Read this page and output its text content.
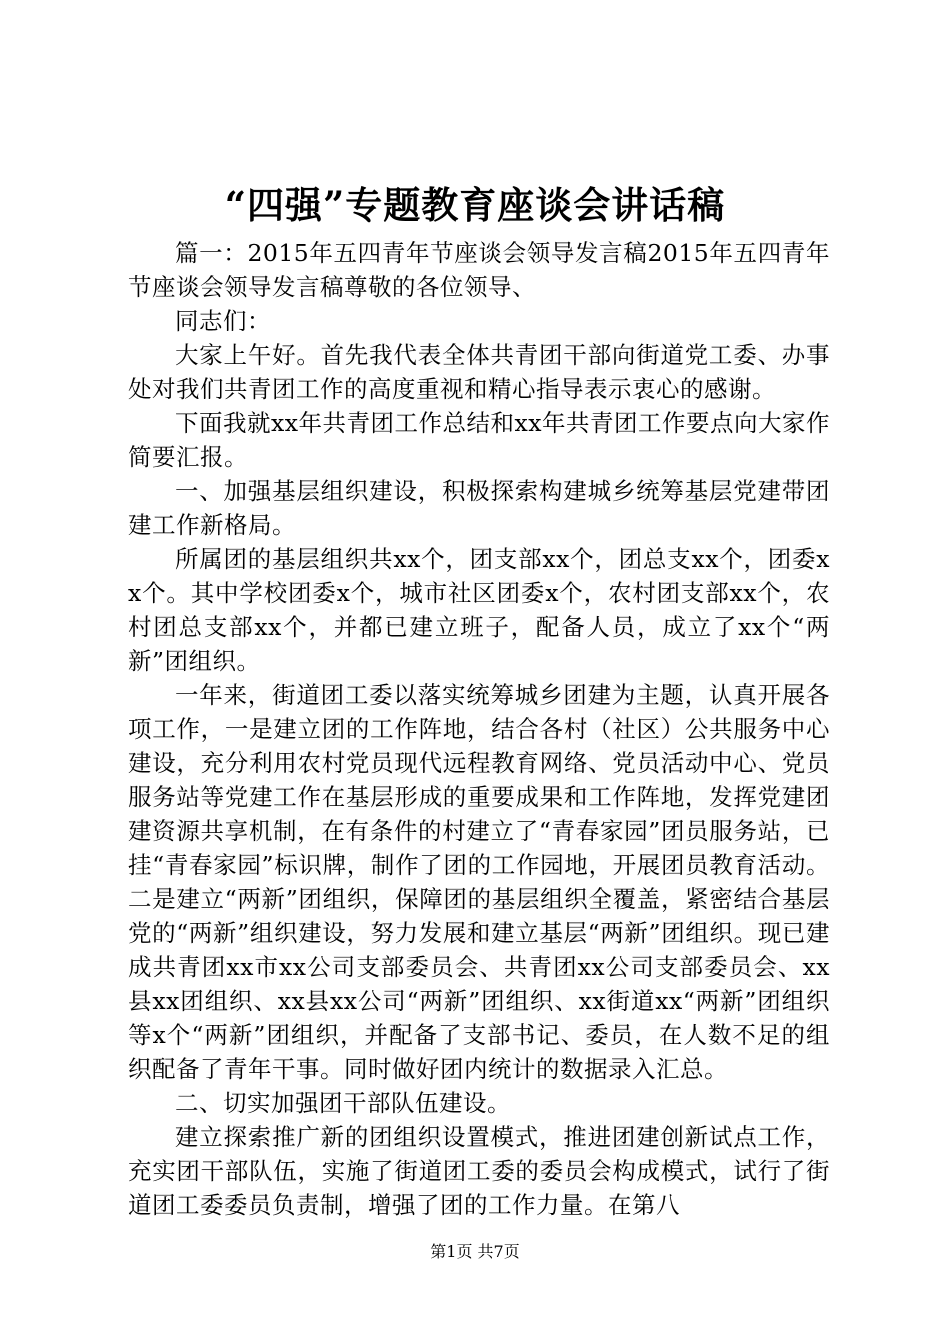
“四强”专题教育座谈会讲话稿

篇一：2015年五四青年节座谈会领导发言稿2015年五四青年节座谈会领导发言稿尊敬的各位领导、

同志们：

大家上午好。首先我代表全体共青团干部向街道党工委、办事处对我们共青团工作的高度重视和精心指导表示衷心的感谢。

下面我就xx年共青团工作总结和xx年共青团工作要点向大家作简要汇报。

一、加强基层组织建设，积极探索构建城乡统筹基层党建带团建工作新格局。

所属团的基层组织共xx个，团支部xx个，团总支xx个，团委xx个。其中学校团委x个，城市社区团委x个，农村团支部xx个，农村团总支部xx个，并都已建立班子，配备人员，成立了xx个“两新”团组织。

一年来，街道团工委以落实统筹城乡团建为主题，认真开展各项工作，一是建立团的工作阵地，结合各村（社区）公共服务中心建设，充分利用农村党员现代远程教育网络、党员活动中心、党员服务站等党建工作在基层形成的重要成果和工作阵地，发挥党建团建资源共享机制，在有条件的村建立了“青春家园”团员服务站，已挂“青春家园”标识牌，制作了团的工作园地，开展团员教育活动。二是建立“两新”团组织，保障团的基层组织全覆盖，紧密结合基层党的“两新”组织建设，努力发展和建立基层“两新”团组织。现已建成共青团xx市xx公司支部委员会、共青团xx公司支部委员会、xx县xx团组织、xx县xx公司“两新”团组织、xx街道xx“两新”团组织等x个“两新”团组织，并配备了支部书记、委员，在人数不足的组织配备了青年干事。同时做好团内统计的数据录入汇总。

二、切实加强团干部队伍建设。

建立探索推广新的团组织设置模式，推进团建创新试点工作，充实团干部队伍，实施了街道团工委的委员会构成模式，试行了街道团工委委员负责制，增强了团的工作力量。在第八

第1页 共7页
